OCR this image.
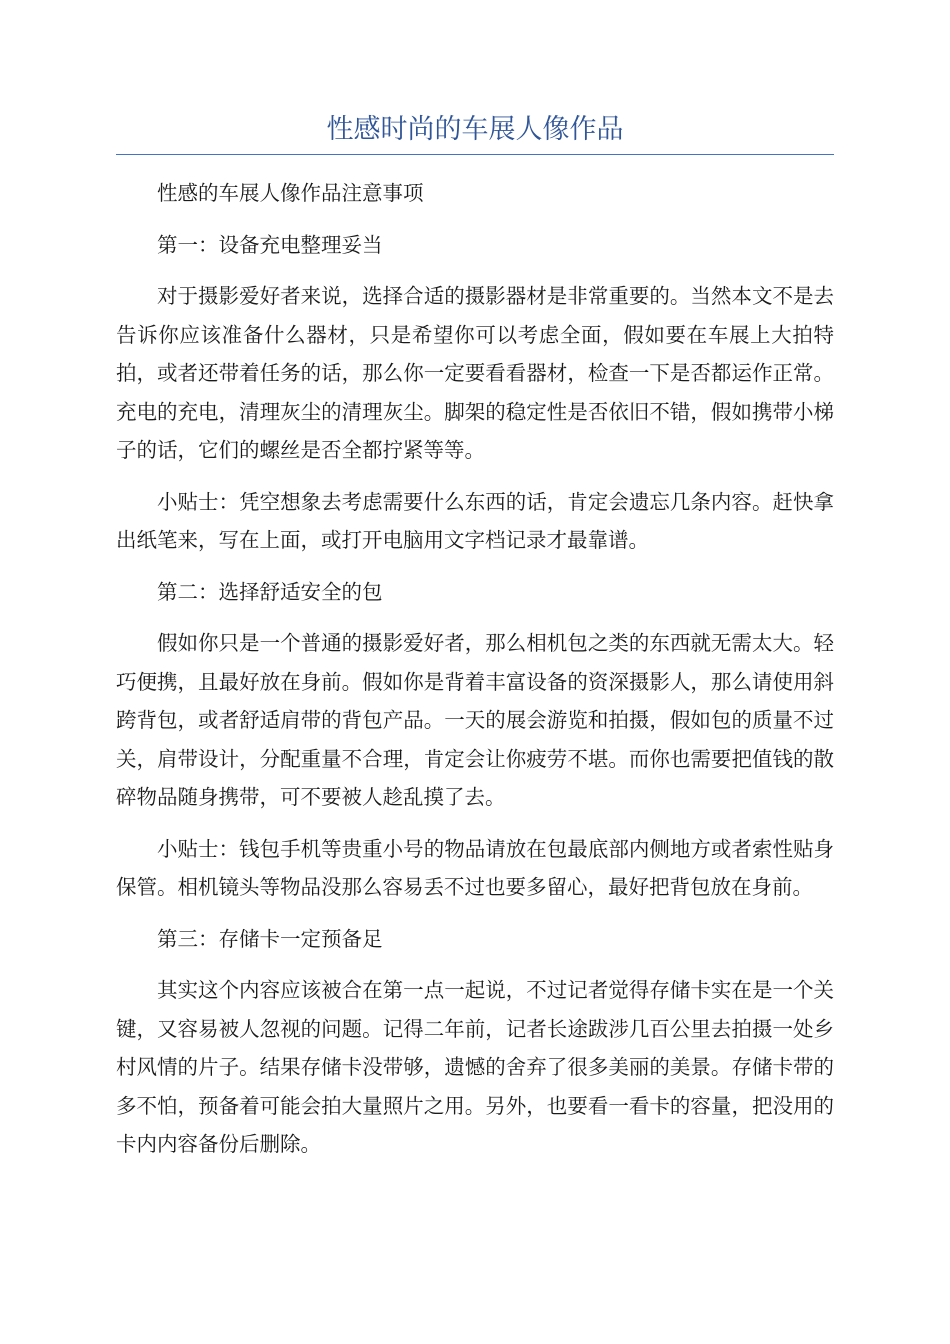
性感时尚的车展人像作品

性感的车展人像作品注意事项

第一：设备充电整理妥当

对于摄影爱好者来说，选择合适的摄影器材是非常重要的。当然本文不是去告诉你应该准备什么器材，只是希望你可以考虑全面，假如要在车展上大拍特拍，或者还带着任务的话，那么你一定要看看器材，检查一下是否都运作正常。充电的充电，清理灰尘的清理灰尘。脚架的稳定性是否依旧不错，假如携带小梯子的话，它们的螺丝是否全都拧紧等等。

小贴士：凭空想象去考虑需要什么东西的话，肯定会遗忘几条内容。赶快拿出纸笔来，写在上面，或打开电脑用文字档记录才最靠谱。

第二：选择舒适安全的包

假如你只是一个普通的摄影爱好者，那么相机包之类的东西就无需太大。轻巧便携，且最好放在身前。假如你是背着丰富设备的资深摄影人，那么请使用斜跨背包，或者舒适肩带的背包产品。一天的展会游览和拍摄，假如包的质量不过关，肩带设计，分配重量不合理，肯定会让你疲劳不堪。而你也需要把值钱的散碎物品随身携带，可不要被人趁乱摸了去。

小贴士：钱包手机等贵重小号的物品请放在包最底部内侧地方或者索性贴身保管。相机镜头等物品没那么容易丢不过也要多留心，最好把背包放在身前。

第三：存储卡一定预备足

其实这个内容应该被合在第一点一起说，不过记者觉得存储卡实在是一个关键，又容易被人忽视的问题。记得二年前，记者长途跋涉几百公里去拍摄一处乡村风情的片子。结果存储卡没带够，遗憾的舍弃了很多美丽的美景。存储卡带的多不怕，预备着可能会拍大量照片之用。另外，也要看一看卡的容量，把没用的卡内内容备份后删除。
